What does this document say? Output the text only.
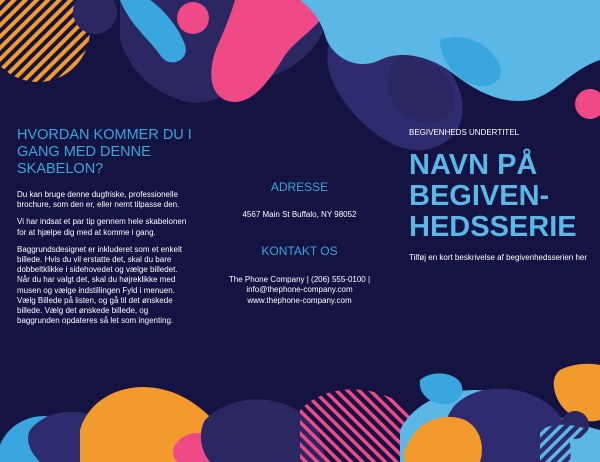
HVORDAN KOMMER DU I GANG MED DENNE SKABELON?

Du kan bruge denne dugfriske, professionelle brochure, som den er, eller nemt tilpasse den.

Vi har indsat et par tip gennem hele skabelonen for at hjælpe dig med at komme i gang.

Baggrundsdesignet er inkluderet som et enkelt billede. Hvis du vil erstatte det, skal du bare dobbeltklikke i sidehovedet og vælge billedet. Når du har valgt det, skal du højreklikke med musen og vælge indstillingen Fyld i menuen. Vælg Billede på listen, og gå til det ønskede billede. Vælg det ønskede billede, og baggrunden opdateres så let som ingenting.

ADRESSE

4567 Main St Buffalo, NY 98052

KONTAKT OS

The Phone Company | (206) 555-0100 |
info@thephone-company.com
www.thephone-company.com

BEGIVENHEDS UNDERTITEL

NAVN PÅ
BEGIVEN-
HEDSSERIE

Tilføj en kort beskrivelse af begivenhedsserien her
